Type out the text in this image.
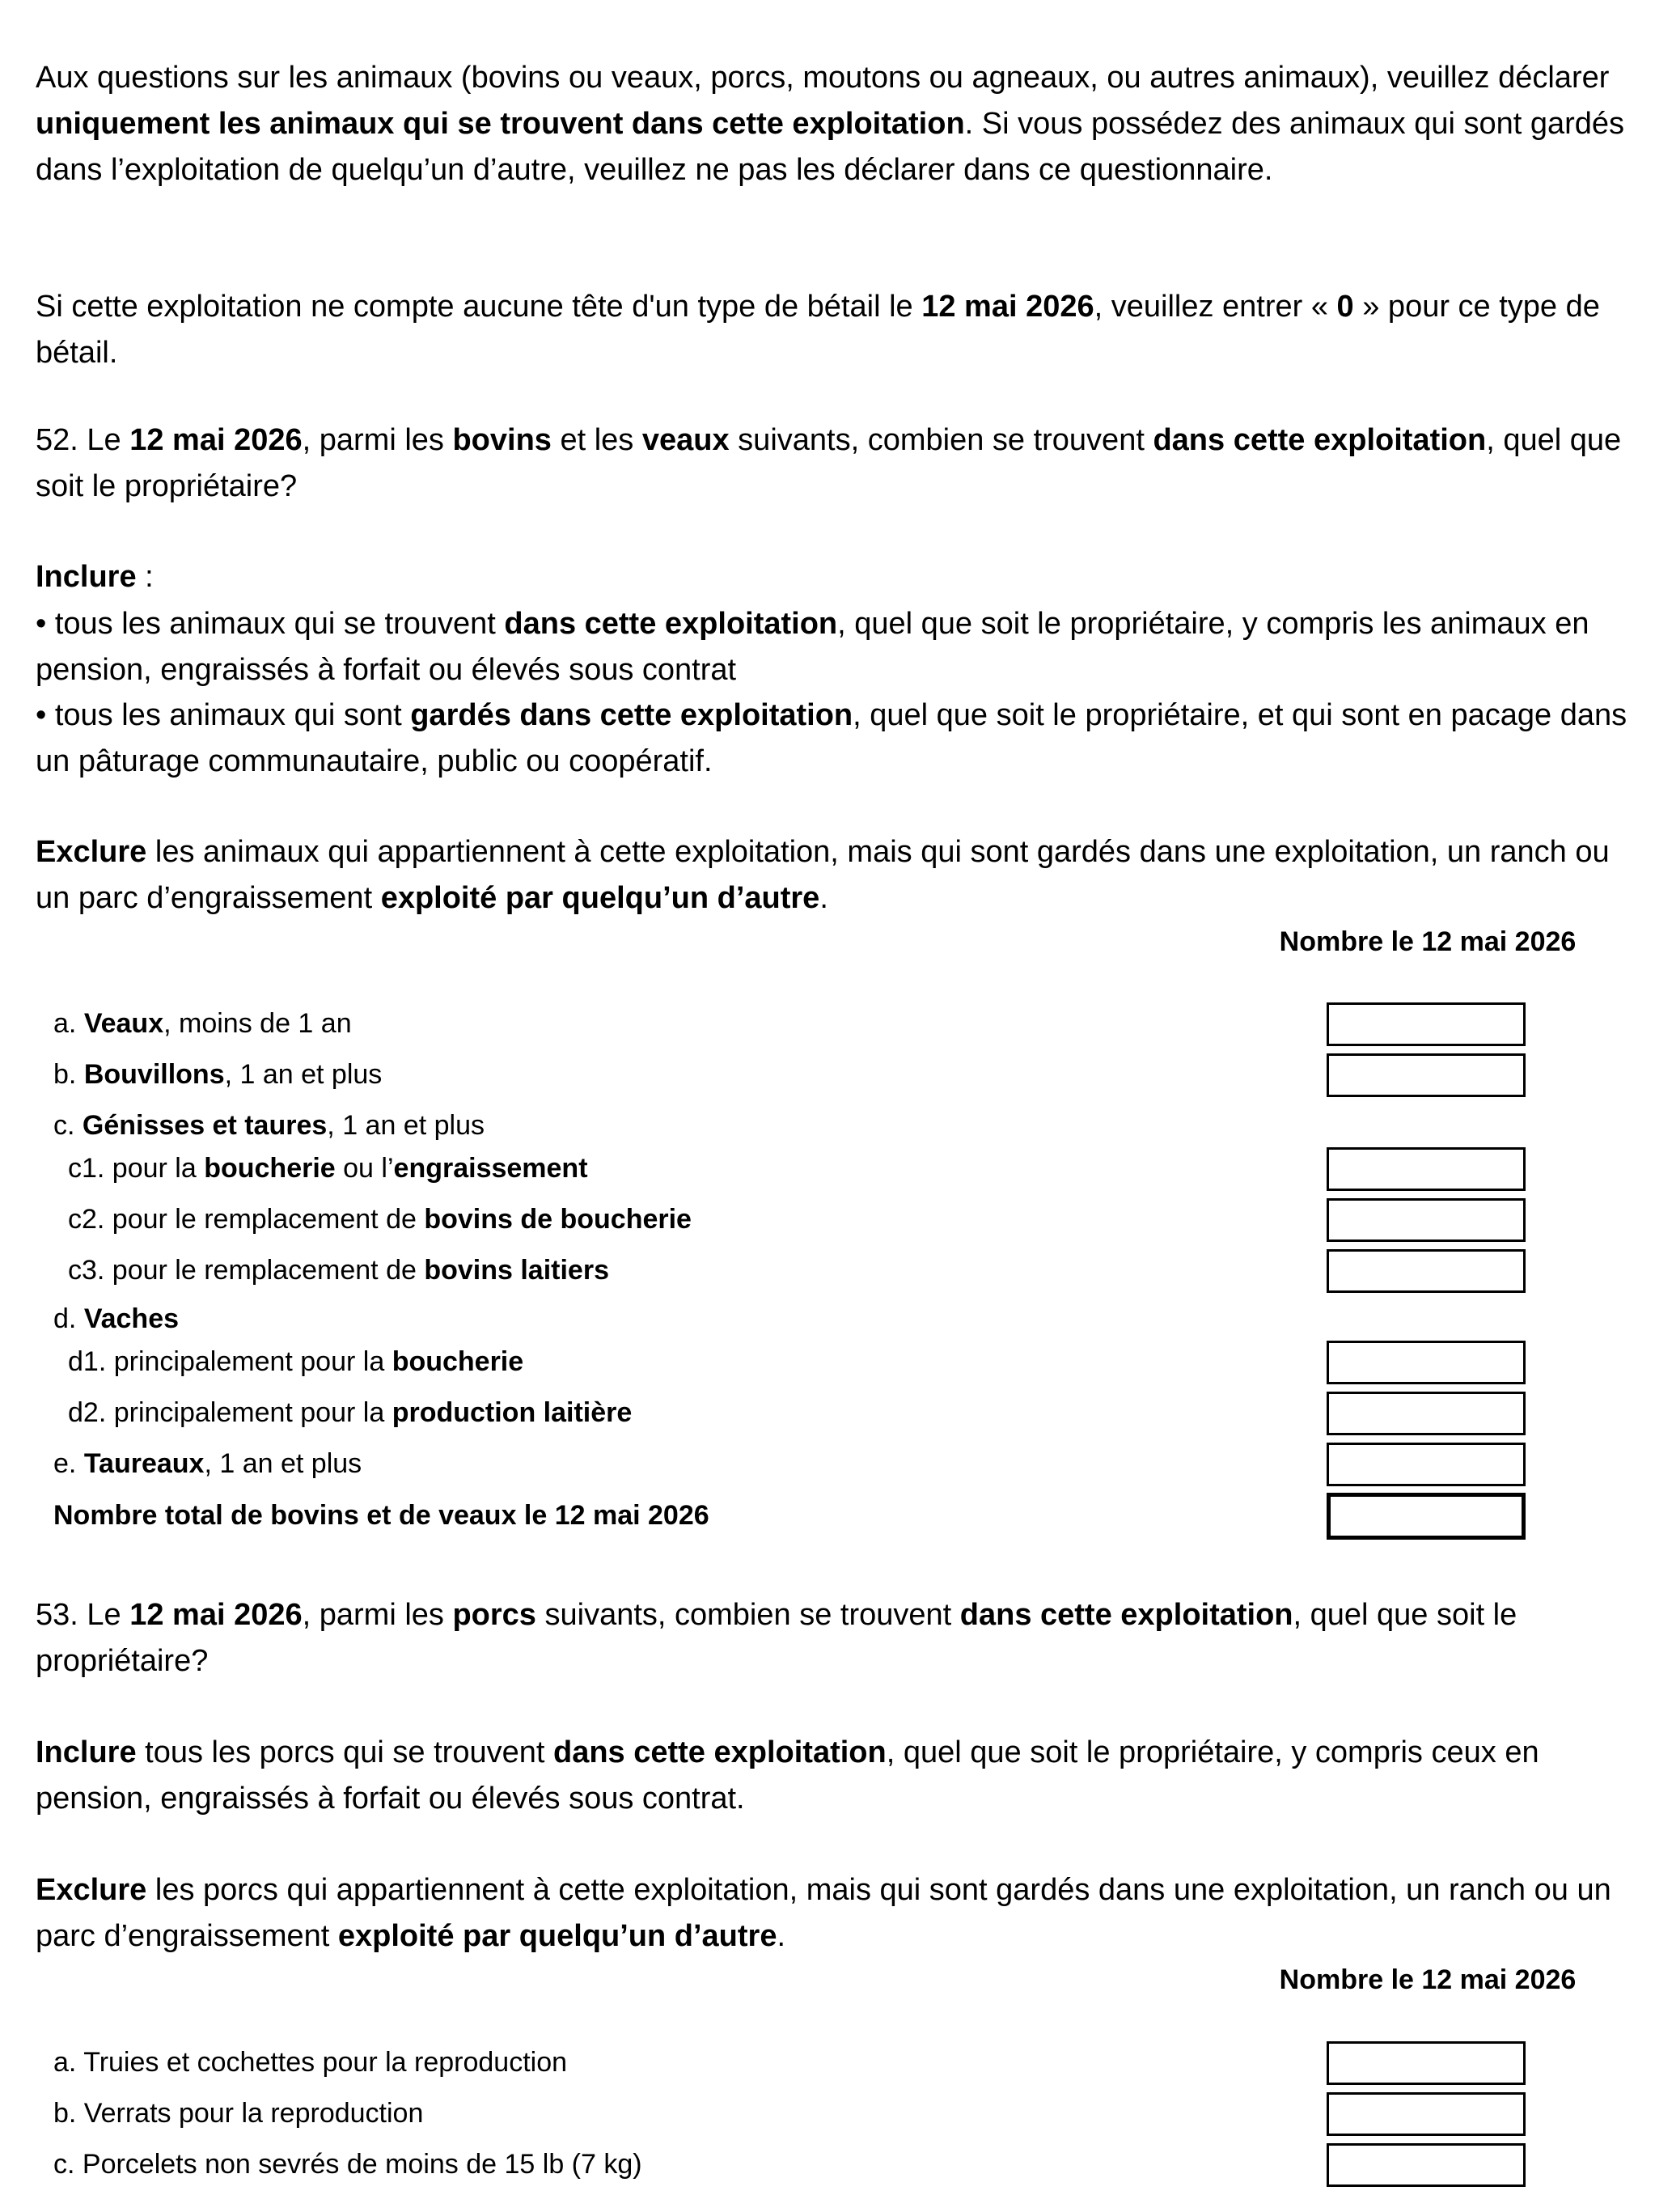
Aux questions sur les animaux (bovins ou veaux, porcs, moutons ou agneaux, ou autres animaux), veuillez déclarer uniquement les animaux qui se trouvent dans cette exploitation. Si vous possédez des animaux qui sont gardés dans l’exploitation de quelqu’un d’autre, veuillez ne pas les déclarer dans ce questionnaire.

Si cette exploitation ne compte aucune tête d'un type de bétail le 12 mai 2026, veuillez entrer « 0 » pour ce type de bétail.

52. Le 12 mai 2026, parmi les bovins et les veaux suivants, combien se trouvent dans cette exploitation, quel que soit le propriétaire?

Inclure :

• tous les animaux qui se trouvent dans cette exploitation, quel que soit le propriétaire, y compris les animaux en pension, engraissés à forfait ou élevés sous contrat

• tous les animaux qui sont gardés dans cette exploitation, quel que soit le propriétaire, et qui sont en pacage dans un pâturage communautaire, public ou coopératif.

Exclure les animaux qui appartiennent à cette exploitation, mais qui sont gardés dans une exploitation, un ranch ou un parc d’engraissement exploité par quelqu’un d’autre.

Nombre le 12 mai 2026
a. Veaux, moins de 1 an
b. Bouvillons, 1 an et plus
c. Génisses et taures, 1 an et plus
c1. pour la boucherie ou l’engraissement
c2. pour le remplacement de bovins de boucherie
c3. pour le remplacement de bovins laitiers
d. Vaches
d1. principalement pour la boucherie
d2. principalement pour la production laitière
e. Taureaux, 1 an et plus
Nombre total de bovins et de veaux le 12 mai 2026

53. Le 12 mai 2026, parmi les porcs suivants, combien se trouvent dans cette exploitation, quel que soit le propriétaire?

Inclure tous les porcs qui se trouvent dans cette exploitation, quel que soit le propriétaire, y compris ceux en pension, engraissés à forfait ou élevés sous contrat.

Exclure les porcs qui appartiennent à cette exploitation, mais qui sont gardés dans une exploitation, un ranch ou un parc d’engraissement exploité par quelqu’un d’autre.

Nombre le 12 mai 2026
a. Truies et cochettes pour la reproduction
b. Verrats pour la reproduction
c. Porcelets non sevrés de moins de 15 lb (7 kg)
